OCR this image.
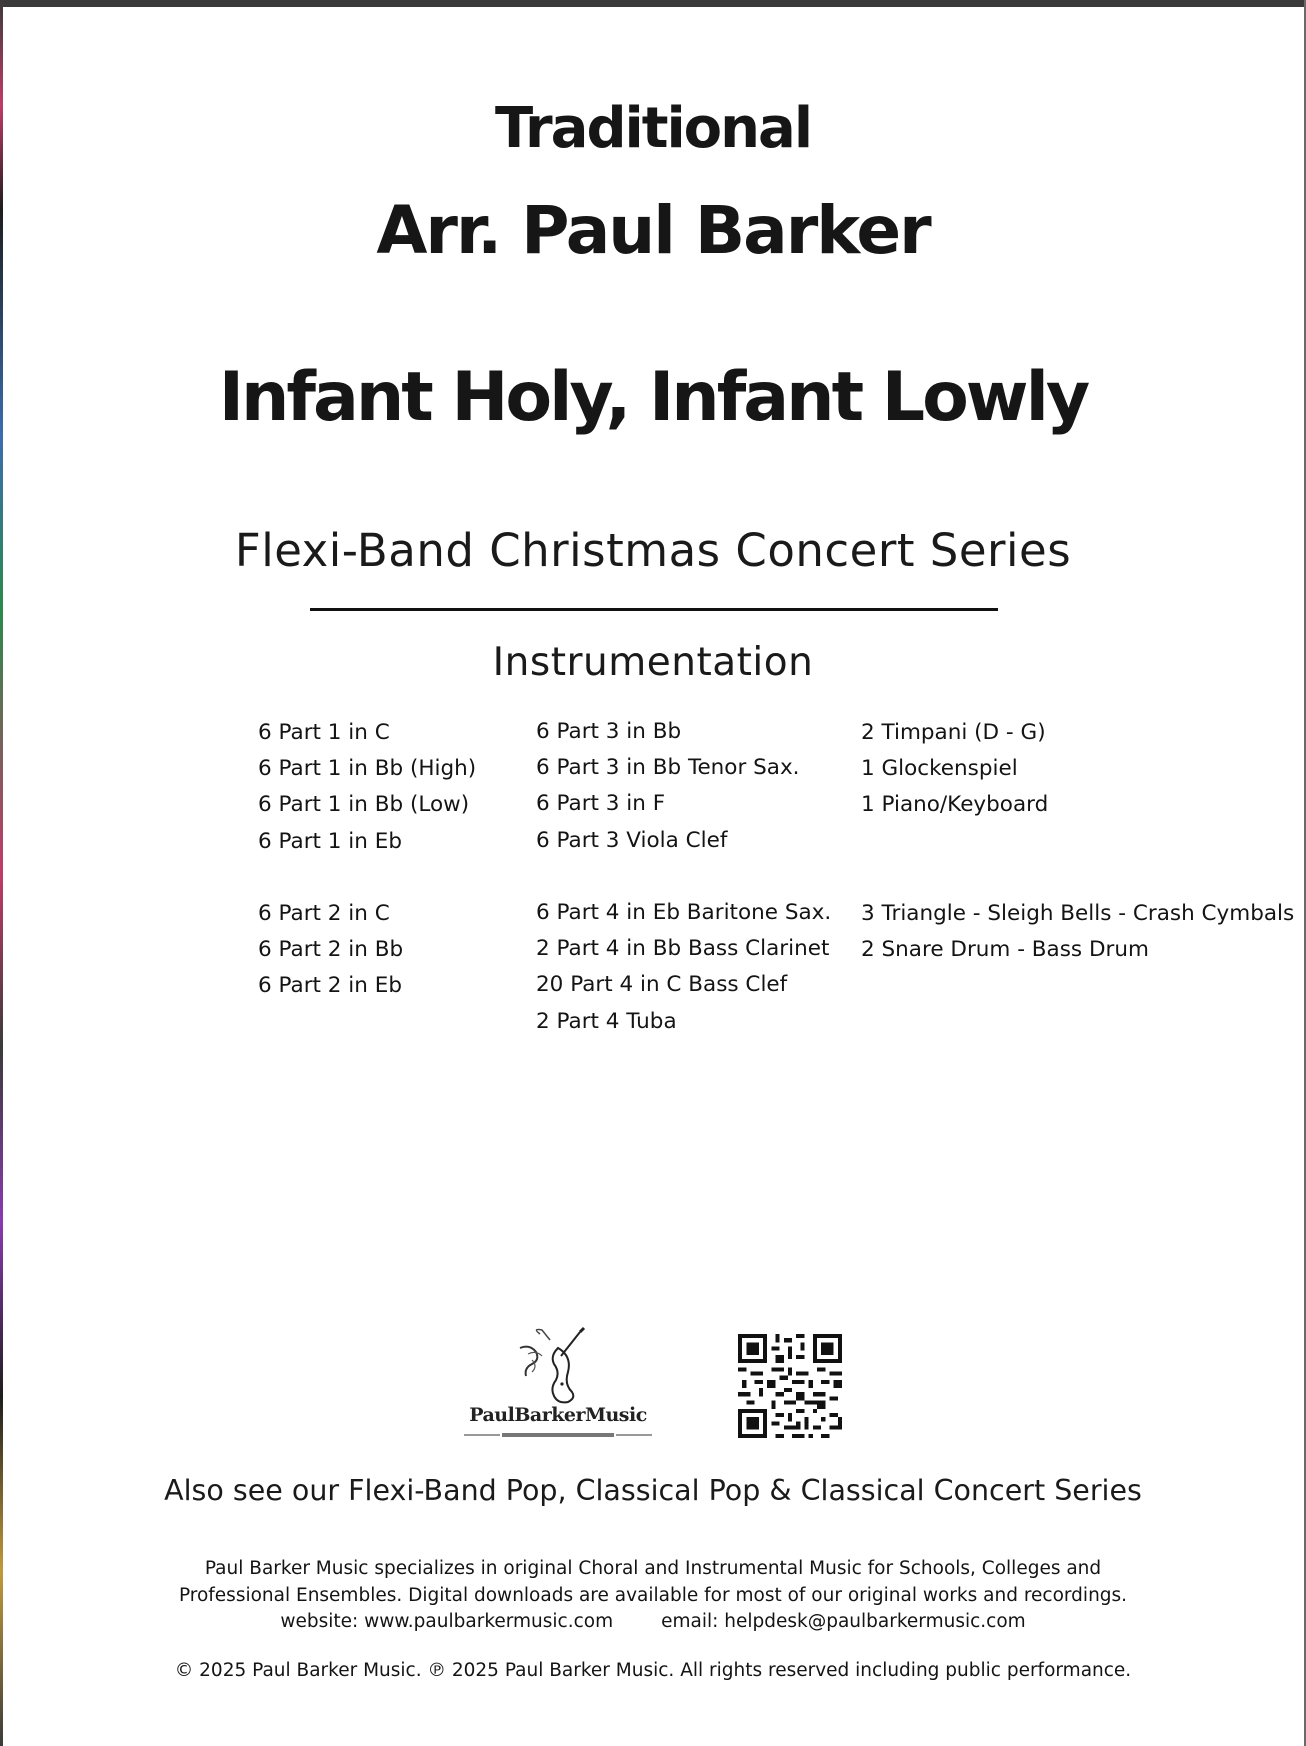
Traditional
Arr. Paul Barker
Infant Holy, Infant Lowly
Flexi-Band Christmas Concert Series
Instrumentation
6 Part 1 in C
6 Part 1 in Bb (High)
6 Part 1 in Bb (Low)
6 Part 1 in Eb
6 Part 2 in C
6 Part 2 in Bb
6 Part 2 in Eb
6 Part 3 in Bb
6 Part 3 in Bb Tenor Sax.
6 Part 3 in F
6 Part 3 Viola Clef
6 Part 4 in Eb Baritone Sax.
2 Part 4 in Bb Bass Clarinet
20 Part 4 in C Bass Clef
2 Part 4 Tuba
2 Timpani (D - G)
1 Glockenspiel
1 Piano/Keyboard
3 Triangle - Sleigh Bells - Crash Cymbals
2 Snare Drum - Bass Drum
PaulBarkerMusic
Also see our Flexi-Band Pop, Classical Pop & Classical Concert Series
Paul Barker Music specializes in original Choral and Instrumental Music for Schools, Colleges and
Professional Ensembles. Digital downloads are available for most of our original works and recordings.
website: www.paulbarkermusic.com	email: helpdesk@paulbarkermusic.com
© 2025 Paul Barker Music. ℗ 2025 Paul Barker Music. All rights reserved including public performance.
